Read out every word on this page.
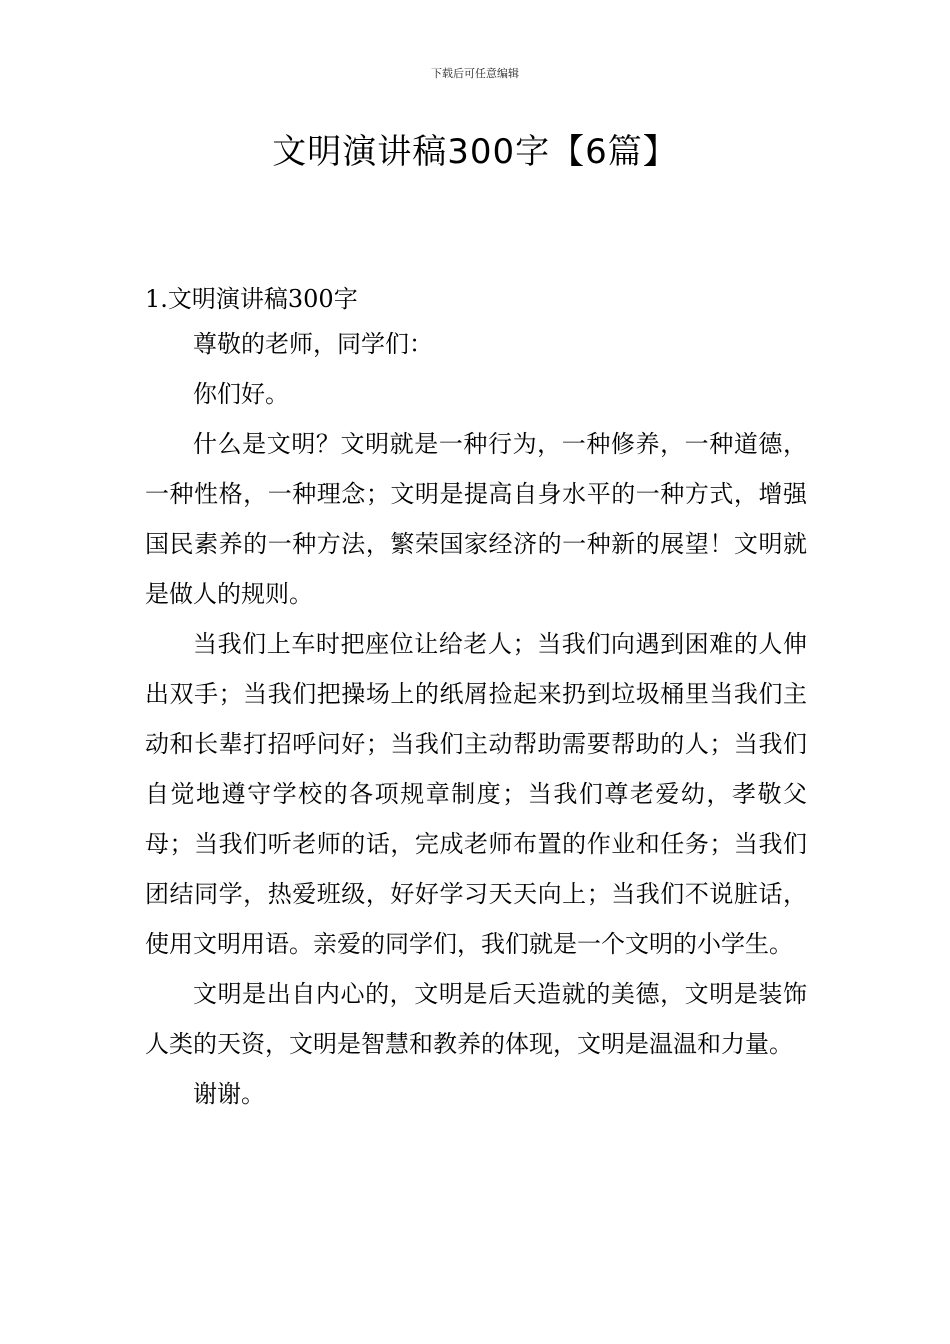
下载后可任意编辑
文明演讲稿300字【6篇】
1.文明演讲稿300字

尊敬的老师，同学们：

你们好。

什么是文明？文明就是一种行为，一种修养，一种道德，一种性格，一种理念；文明是提高自身水平的一种方式，增强国民素养的一种方法，繁荣国家经济的一种新的展望！文明就是做人的规则。

当我们上车时把座位让给老人；当我们向遇到困难的人伸出双手；当我们把操场上的纸屑捡起来扔到垃圾桶里当我们主动和长辈打招呼问好；当我们主动帮助需要帮助的人；当我们自觉地遵守学校的各项规章制度；当我们尊老爱幼，孝敬父母；当我们听老师的话，完成老师布置的作业和任务；当我们团结同学，热爱班级，好好学习天天向上；当我们不说脏话，使用文明用语。亲爱的同学们，我们就是一个文明的小学生。

文明是出自内心的，文明是后天造就的美德，文明是装饰人类的天资，文明是智慧和教养的体现，文明是温温和力量。

谢谢。
